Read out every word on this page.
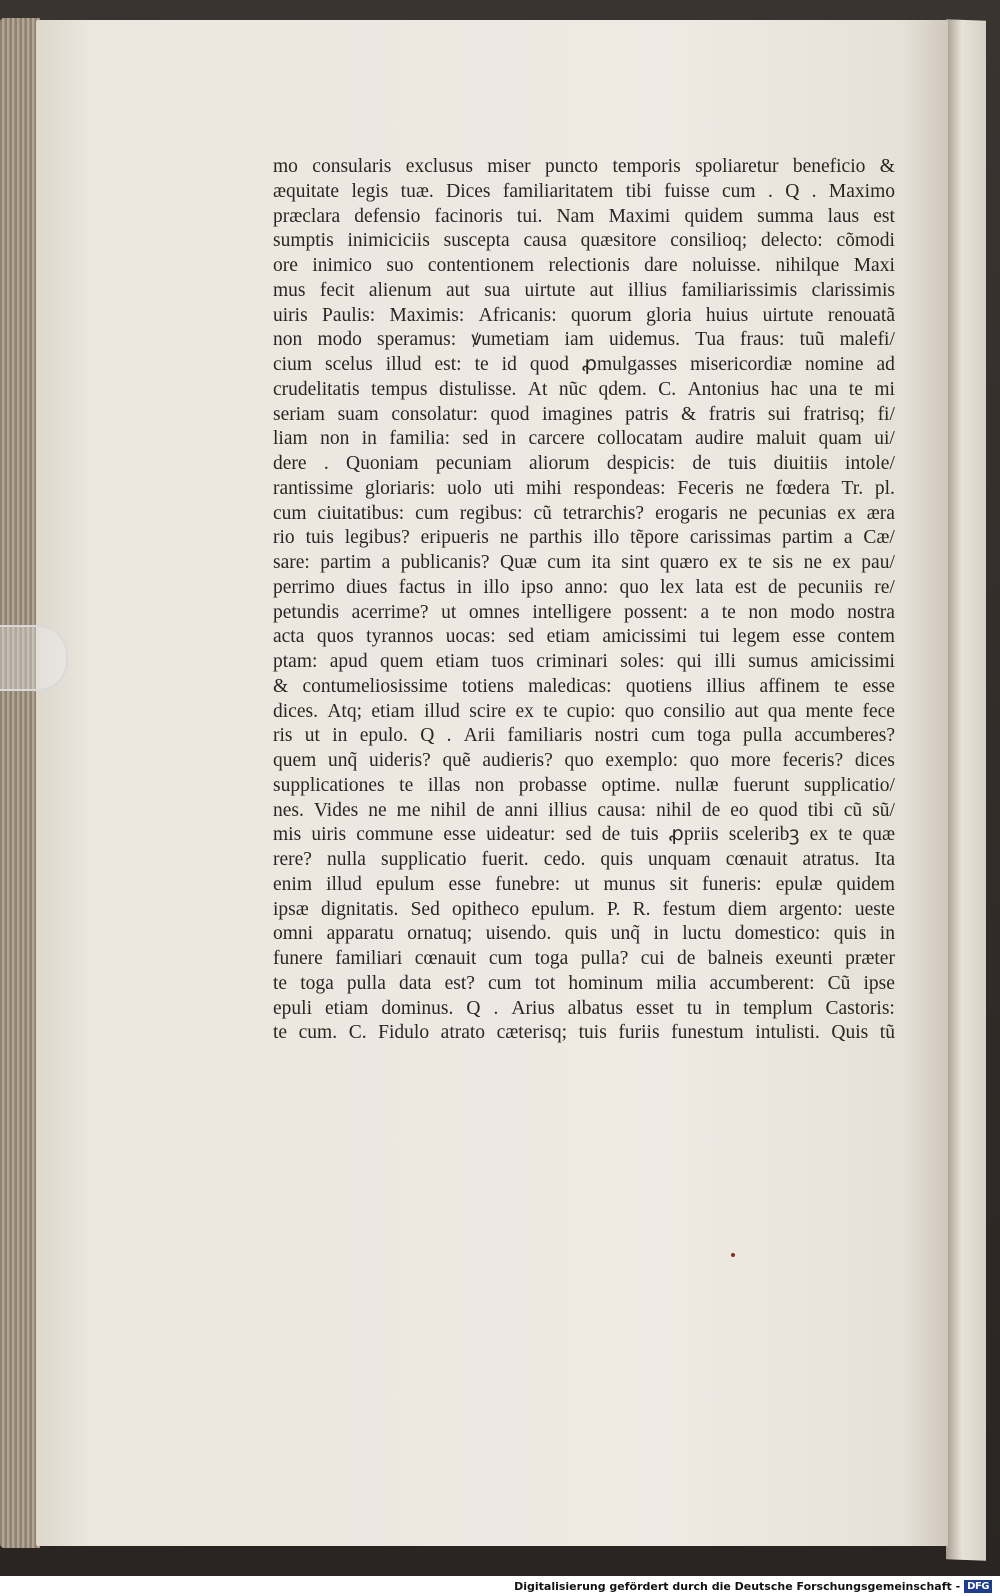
mo consularis exclusus miser puncto temporis spoliaretur beneficio &
æquitate legis tuæ. Dices familiaritatem tibi fuisse cum . Q . Maximo
præclara defensio facinoris tui. Nam Maximi quidem summa laus est
sumptis inimiciciis suscepta causa quæsitore consilioq; delecto: cõmodi
ore inimico suo contentionem relectionis dare noluisse. nihilque Maxi
mus fecit alienum aut sua uirtute aut illius familiarissimis clarissimis
uiris Paulis: Maximis: Africanis: quorum gloria huius uirtute renouatã
non modo speramus: ꝟumetiam iam uidemus. Tua fraus: tuũ malefi/
cium scelus illud est: te id quod ꝓmulgasses misericordiæ nomine ad
crudelitatis tempus distulisse. At nũc qdem. C. Antonius hac una te mi
seriam suam consolatur: quod imagines patris & fratris sui fratrisq; fi/
liam non in familia: sed in carcere collocatam audire maluit quam ui/
dere . Quoniam pecuniam aliorum despicis: de tuis diuitiis intole/
rantissime gloriaris: uolo uti mihi respondeas: Feceris ne fœdera Tr. pl.
cum ciuitatibus: cum regibus: cũ tetrarchis? erogaris ne pecunias ex æra
rio tuis legibus? eripueris ne parthis illo tẽpore carissimas partim a Cæ/
sare: partim a publicanis? Quæ cum ita sint quæro ex te sis ne ex pau/
perrimo diues factus in illo ipso anno: quo lex lata est de pecuniis re/
petundis acerrime? ut omnes intelligere possent: a te non modo nostra
acta quos tyrannos uocas: sed etiam amicissimi tui legem esse contem
ptam: apud quem etiam tuos criminari soles: qui illi sumus amicissimi
& contumeliosissime totiens maledicas: quotiens illius affinem te esse
dices. Atq; etiam illud scire ex te cupio: quo consilio aut qua mente fece
ris ut in epulo. Q . Arii familiaris nostri cum toga pulla accumberes?
quem unq̃ uideris? quẽ audieris? quo exemplo: quo more feceris? dices
supplicationes te illas non probasse optime. nullæ fuerunt supplicatio/
nes. Vides ne me nihil de anni illius causa: nihil de eo quod tibi cũ sũ/
mis uiris commune esse uideatur: sed de tuis ꝓpriis sceleribꝫ ex te quæ
rere? nulla supplicatio fuerit. cedo. quis unquam cœnauit atratus. Ita
enim illud epulum esse funebre: ut munus sit funeris: epulæ quidem
ipsæ dignitatis. Sed opitheco epulum. P. R. festum diem argento: ueste
omni apparatu ornatuq; uisendo. quis unq̃ in luctu domestico: quis in
funere familiari cœnauit cum toga pulla? cui de balneis exeunti præter
te toga pulla data est? cum tot hominum milia accumberent: Cũ ipse
epuli etiam dominus. Q . Arius albatus esset tu in templum Castoris:
te cum. C. Fidulo atrato cæterisq; tuis furiis funestum intulisti. Quis tũ
Digitalisierung gefördert durch die Deutsche Forschungsgemeinschaft - DFG
